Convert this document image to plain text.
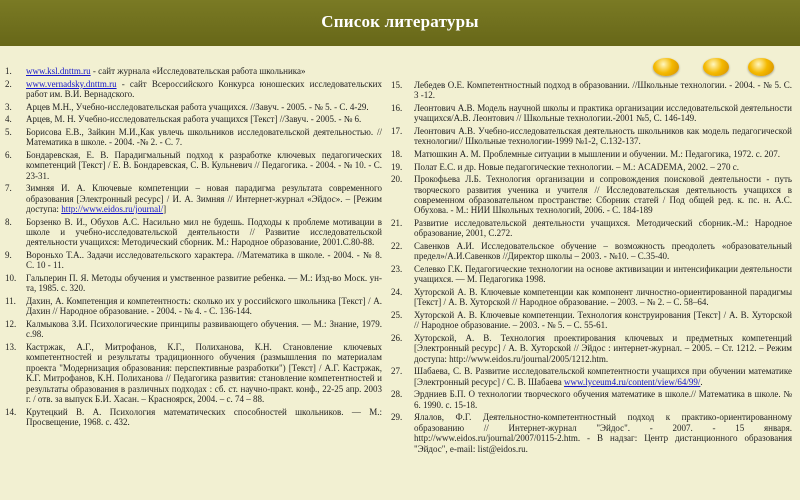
Список литературы
1.	www.ksl.dnttm.ru - сайт журнала «Исследовательская работа школьника»
2.	www.vernadsky.dnttm.ru - сайт Всероссийского Конкурса юношеских исследовательских работ им. В.И. Вернадского.
3.	Арцев М.Н., Учебно-исследовательская работа учащихся. //Завуч. - 2005. - № 5. - С. 4-29.
4.	Арцев, М. Н. Учебно-исследовательская работа учащихся [Текст] //Завуч. - 2005. - № 6.
5.	Борисова Е.В., Зайкин М.И.,Как увлечь школьников исследовательской деятельностью. //Математика в школе. - 2004. -№ 2. - С. 7.
6.	Бондаревская, Е. В. Парадигмальный подход к разработке ключевых педагогических компетенций [Текст] / Е. В. Бондаревская, С. В. Кульневич // Педагогика. - 2004. - № 10. - С. 23-31.
7.	Зимняя И. А. Ключевые компетенции – новая парадигма результата современного образования [Электронный ресурс] / И. А. Зимняя // Интернет-журнал «Эйдос». – [Режим доступа: http://www.eidos.ru/journal/]
8.	Борзенко В. И., Обухов А.С. Насильно мил не будешь. Подходы к проблеме мотивации в школе и учебно-исследовательской деятельности // Развитие исследовательской деятельности учащихся: Методический сборник. М.: Народное образование, 2001.С.80-88.
9.	Вороньхо Т.А.. Задачи исследовательского характера. //Математика в школе. - 2004. - № 8. С. 10 - 11.
10.	Гальперин П. Я. Методы обучения и умственное развитие ребенка. — М.: Изд-во Моск. ун-та, 1985. с. 320.
11.	Дахин, А. Компетенция и компетентность: сколько их у российского школьника [Текст] / А. Дахин // Народное образование. - 2004. - № 4. - С. 136-144.
12.	Калмыкова З.И. Психологические принципы развивающего обучения. — М.: Знание, 1979. с.98.
13.	Кастржак, А.Г., Митрофанов, К.Г., Полиханова, К.Н. Становление ключевых компетентностей и результаты традиционного обучения (размышления по материалам проекта "Модернизация образования: перспективные разработки") [Текст] / А.Г. Кастржак, К.Г. Митрофанов, К.Н. Полиханова // Педагогика развития: становление компетентностей и результаты образования в различных подходах : сб. ст. научно-практ. конф., 22-25 апр. 2003 г. / отв. за выпуск Б.И. Хасан. – Красноярск, 2004. – с. 74 – 88.
14.	Крутецкий В. А. Психология математических способностей школьников. — М.: Просвещение, 1968. с. 432.
15.	Лебедев О.Е. Компетентностный подход в образовании. //Школьные технологии. - 2004. - № 5. С. 3 -12.
16.	Леонтович А.В. Модель научной школы и практика организации исследовательской деятельности учащихся/А.В. Леонтович // Школьные технологии.-2001 №5, С. 146-149.
17.	Леонтович А.В. Учебно-исследовательская деятельность школьников как модель педагогической технологии// Школьные технологии-1999 №1-2, С.132-137.
18.	Матюшкин А. М. Проблемные ситуации в мышлении и обучении. М.: Педагогика, 1972. с. 207.
19.	Полат Е.С. и др. Новые педагогические технологии. – М.: ACADEMA, 2002. – 270 с.
20.	Прокофьева Л.Б. Технология организации и сопровождения поисковой деятельности - путь творческого развития ученика и учителя // Исследовательская деятельность учащихся в современном образовательном пространстве: Сборник статей / Под общей ред. к. пс. н. А.С. Обухова. - М.: НИИ Школьных технологий, 2006. - С. 184-189
21.	Развитие исследовательской деятельности учащихся. Методический сборник.-М.: Народное образование, 2001, С.272.
22.	Савенков А.И. Исследовательское обучение – возможность преодолеть «образовательный предел»/А.И.Савенков //Директор школы – 2003. - №10. – С.35-40.
23.	Селевко Г.К. Педагогические технологии на основе активизации и интенсификации деятельности учащихся. — М. Педагогика 1998.
24.	Хуторской А. В. Ключевые компетенции как компонент личностно-ориентированной парадигмы [Текст] / А. В. Хуторской // Народное образование. – 2003. – № 2. – С. 58–64.
25.	Хуторской А. В. Ключевые компетенции. Технология конструирования [Текст] / А. В. Хуторской // Народное образование. – 2003. - № 5. – С. 55-61.
26.	Хуторской, А. В. Технология проектирования ключевых и предметных компетенций [Электронный ресурс] / А. В. Хуторской // Эйдос : интернет-журнал. – 2005. – Ст. 1212. – Режим доступа: http://www.eidos.ru/journal/2005/1212.htm.
27.	Шабаева, С. В. Развитие исследовательской компетентности учащихся при обучении математике [Электронный ресурс] / С. В. Шабаева www.lyceum4.ru/content/view/64/99/.
28.	Эрдниев Б.П. О технологии творческого обучения математике в школе.// Математика в школе. № 6. 1990. с. 15-18.
29.	Ялалов, Ф.Г. Деятельностно-компетентностный подход к практико-ориентированному образованию // Интернет-журнал "Эйдос". - 2007. - 15 января. http://www.eidos.ru/journal/2007/0115-2.htm. - В надзаг: Центр дистанционного образования "Эйдос", e-mail: list@eidos.ru.
